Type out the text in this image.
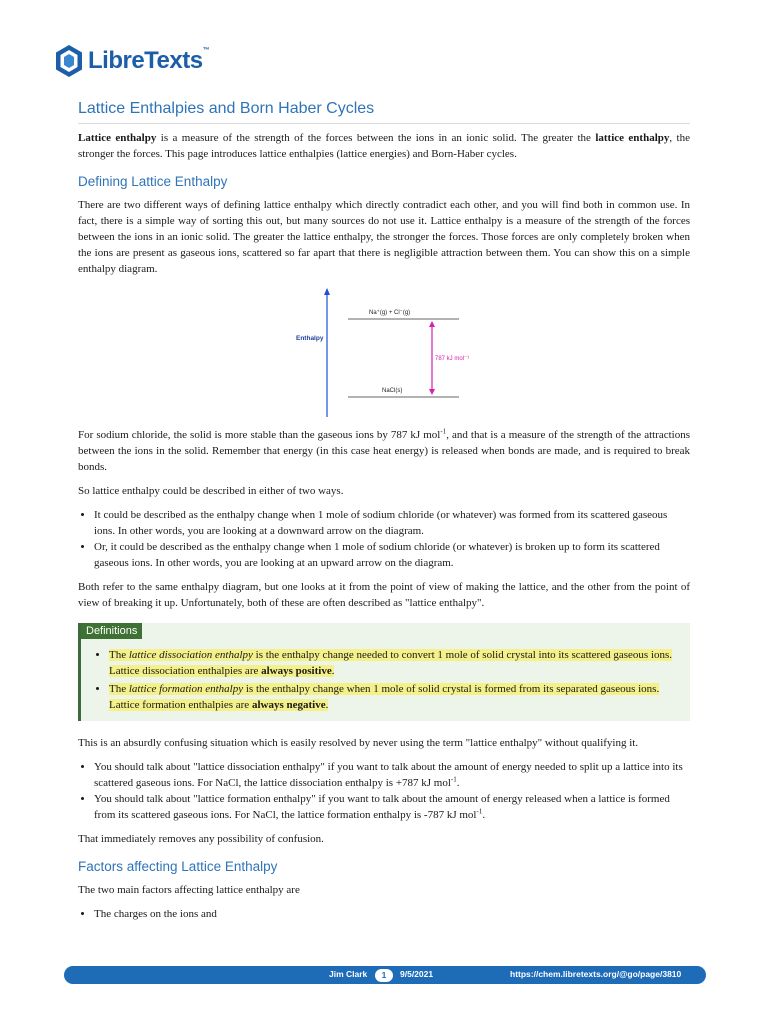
LibreTexts™
Lattice Enthalpies and Born Haber Cycles

Lattice enthalpy is a measure of the strength of the forces between the ions in an ionic solid. The greater the lattice enthalpy, the stronger the forces. This page introduces lattice enthalpies (lattice energies) and Born-Haber cycles.

Defining Lattice Enthalpy

There are two different ways of defining lattice enthalpy which directly contradict each other, and you will find both in common use. In fact, there is a simple way of sorting this out, but many sources do not use it. Lattice enthalpy is a measure of the strength of the forces between the ions in an ionic solid. The greater the lattice enthalpy, the stronger the forces. Those forces are only completely broken when the ions are present as gaseous ions, scattered so far apart that there is negligible attraction between them. You can show this on a simple enthalpy diagram.

Enthalpy
Na⁺(g) + Cl⁻(g)
NaCl(s)
787 kJ mol⁻¹

For sodium chloride, the solid is more stable than the gaseous ions by 787 kJ mol$^{-1}$, and that is a measure of the strength of the attractions between the ions in the solid. Remember that energy (in this case heat energy) is released when bonds are made, and is required to break bonds.

So lattice enthalpy could be described in either of two ways.

• It could be described as the enthalpy change when 1 mole of sodium chloride (or whatever) was formed from its scattered gaseous ions. In other words, you are looking at a downward arrow on the diagram.
• Or, it could be described as the enthalpy change when 1 mole of sodium chloride (or whatever) is broken up to form its scattered gaseous ions. In other words, you are looking at an upward arrow on the diagram.

Both refer to the same enthalpy diagram, but one looks at it from the point of view of making the lattice, and the other from the point of view of breaking it up. Unfortunately, both of these are often described as "lattice enthalpy".

Definitions
• The lattice dissociation enthalpy is the enthalpy change needed to convert 1 mole of solid crystal into its scattered gaseous ions. Lattice dissociation enthalpies are always positive.
• The lattice formation enthalpy is the enthalpy change when 1 mole of solid crystal is formed from its separated gaseous ions. Lattice formation enthalpies are always negative.

This is an absurdly confusing situation which is easily resolved by never using the term "lattice enthalpy" without qualifying it.

• You should talk about "lattice dissociation enthalpy" if you want to talk about the amount of energy needed to split up a lattice into its scattered gaseous ions. For NaCl, the lattice dissociation enthalpy is +787 kJ mol$^{-1}$.
• You should talk about "lattice formation enthalpy" if you want to talk about the amount of energy released when a lattice is formed from its scattered gaseous ions. For NaCl, the lattice formation enthalpy is -787 kJ mol$^{-1}$.

That immediately removes any possibility of confusion.

Factors affecting Lattice Enthalpy

The two main factors affecting lattice enthalpy are

• The charges on the ions and
Jim Clark	1	9/5/2021	https://chem.libretexts.org/@go/page/3810
